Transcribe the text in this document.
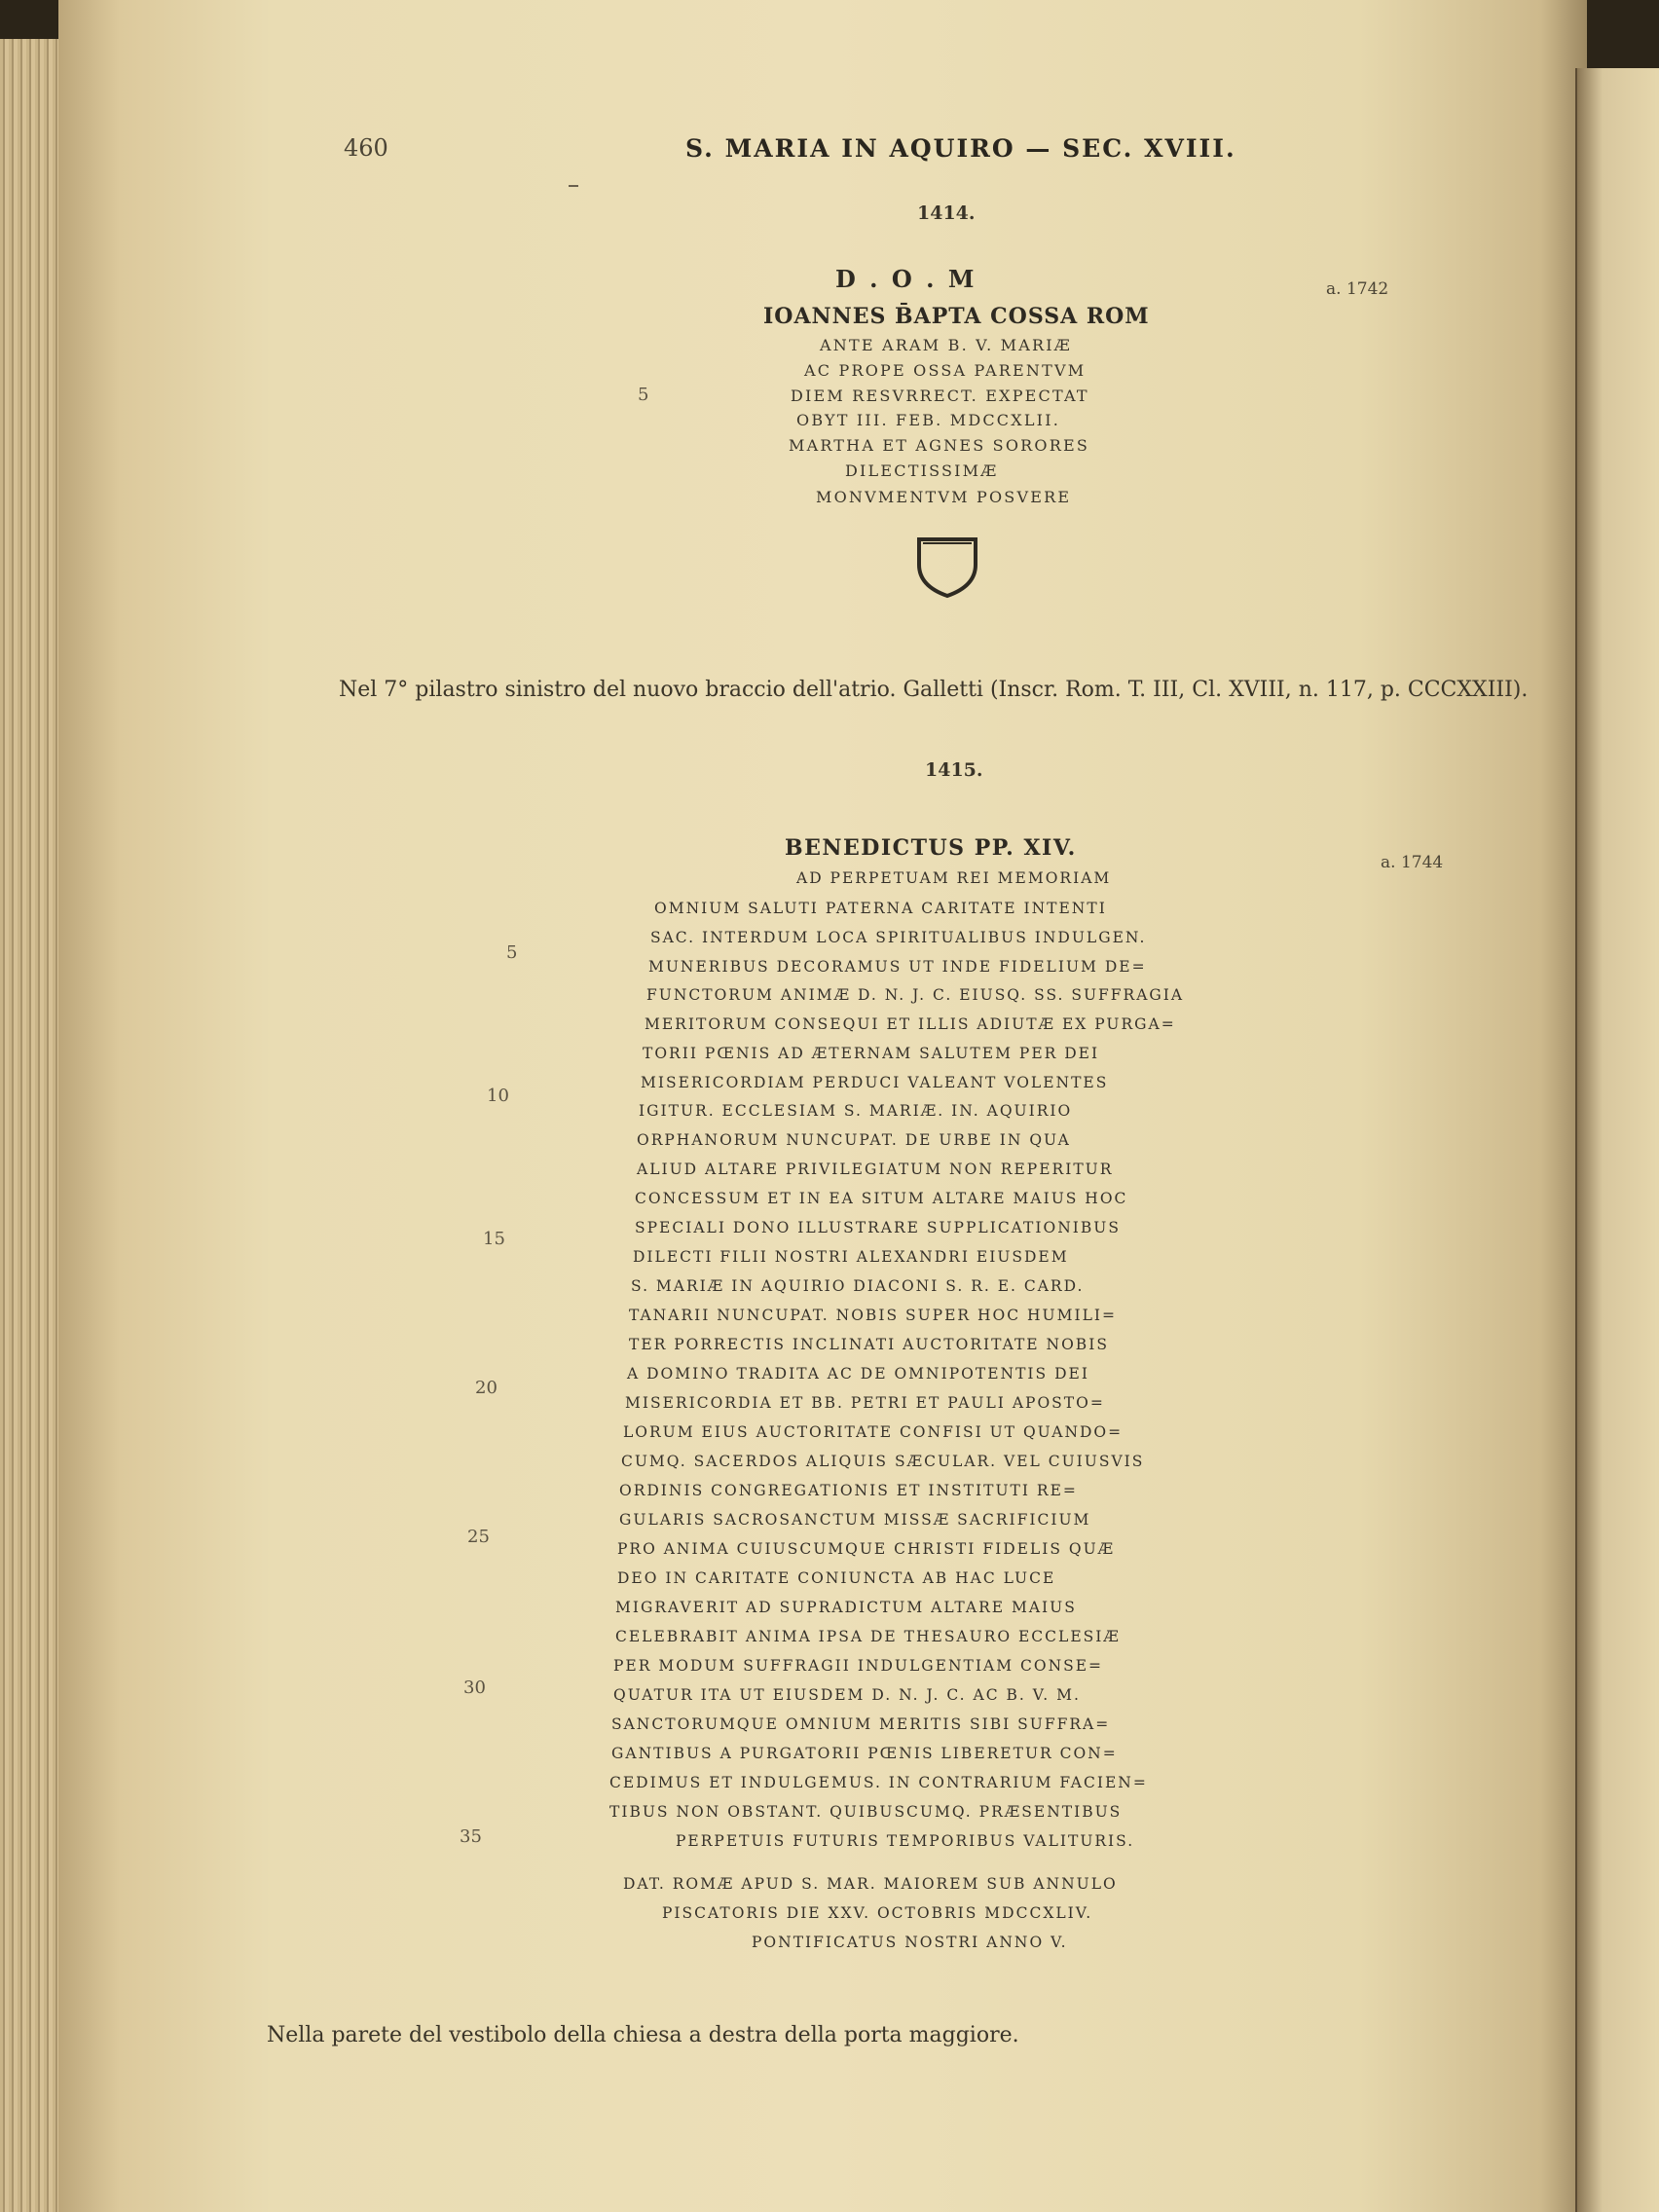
460	S. MARIA IN AQUIRO — SEC. XVIII.
1414.
a. 1742
5
D . O . M
IOANNES B̄APTA COSSA ROM
ANTE ARAM B. V. MARIÆ
AC PROPE OSSA PARENTVM
DIEM RESVRRECT. EXPECTAT
OBYT III. FEB. MDCCXLII.
MARTHA ET AGNES SORORES
DILECTISSIMÆ
MONVMENTVM POSVERE
Nel 7° pilastro sinistro del nuovo braccio dell'atrio. Galletti (Inscr. Rom. T. III, Cl. XVIII, n. 117, p. CCCXXIII).
1415.
a. 1744
5
10
15
20
25
30
35
BENEDICTUS PP. XIV.
AD PERPETUAM REI MEMORIAM
OMNIUM SALUTI PATERNA CARITATE INTENTI
SAC. INTERDUM LOCA SPIRITUALIBUS INDULGEN.
MUNERIBUS DECORAMUS UT INDE FIDELIUM DE=
FUNCTORUM ANIMÆ D. N. J. C. EIUSQ. SS. SUFFRAGIA
MERITORUM CONSEQUI ET ILLIS ADIUTÆ EX PURGA=
TORII PŒNIS AD ÆTERNAM SALUTEM PER DEI
MISERICORDIAM PERDUCI VALEANT VOLENTES
IGITUR. ECCLESIAM S. MARIÆ. IN. AQUIRIO
ORPHANORUM NUNCUPAT. DE URBE IN QUA
ALIUD ALTARE PRIVILEGIATUM NON REPERITUR
CONCESSUM ET IN EA SITUM ALTARE MAIUS HOC
SPECIALI DONO ILLUSTRARE SUPPLICATIONIBUS
DILECTI FILII NOSTRI ALEXANDRI EIUSDEM
S. MARIÆ IN AQUIRIO DIACONI S. R. E. CARD.
TANARII NUNCUPAT. NOBIS SUPER HOC HUMILI=
TER PORRECTIS INCLINATI AUCTORITATE NOBIS
A DOMINO TRADITA AC DE OMNIPOTENTIS DEI
MISERICORDIA ET BB. PETRI ET PAULI APOSTO=
LORUM EIUS AUCTORITATE CONFISI UT QUANDO=
CUMQ. SACERDOS ALIQUIS SÆCULAR. VEL CUIUSVIS
ORDINIS CONGREGATIONIS ET INSTITUTI RE=
GULARIS SACROSANCTUM MISSÆ SACRIFICIUM
PRO ANIMA CUIUSCUMQUE CHRISTI FIDELIS QUÆ
DEO IN CARITATE CONIUNCTA AB HAC LUCE
MIGRAVERIT AD SUPRADICTUM ALTARE MAIUS
CELEBRABIT ANIMA IPSA DE THESAURO ECCLESIÆ
PER MODUM SUFFRAGII INDULGENTIAM CONSE=
QUATUR ITA UT EIUSDEM D. N. J. C. AC B. V. M.
SANCTORUMQUE OMNIUM MERITIS SIBI SUFFRA=
GANTIBUS A PURGATORII PŒNIS LIBERETUR CON=
CEDIMUS ET INDULGEMUS. IN CONTRARIUM FACIEN=
TIBUS NON OBSTANT. QUIBUSCUMQ. PRÆSENTIBUS
PERPETUIS FUTURIS TEMPORIBUS VALITURIS.
DAT. ROMÆ APUD S. MAR. MAIOREM SUB ANNULO
PISCATORIS DIE XXV. OCTOBRIS MDCCXLIV.
PONTIFICATUS NOSTRI ANNO V.
Nella parete del vestibolo della chiesa a destra della porta maggiore.
